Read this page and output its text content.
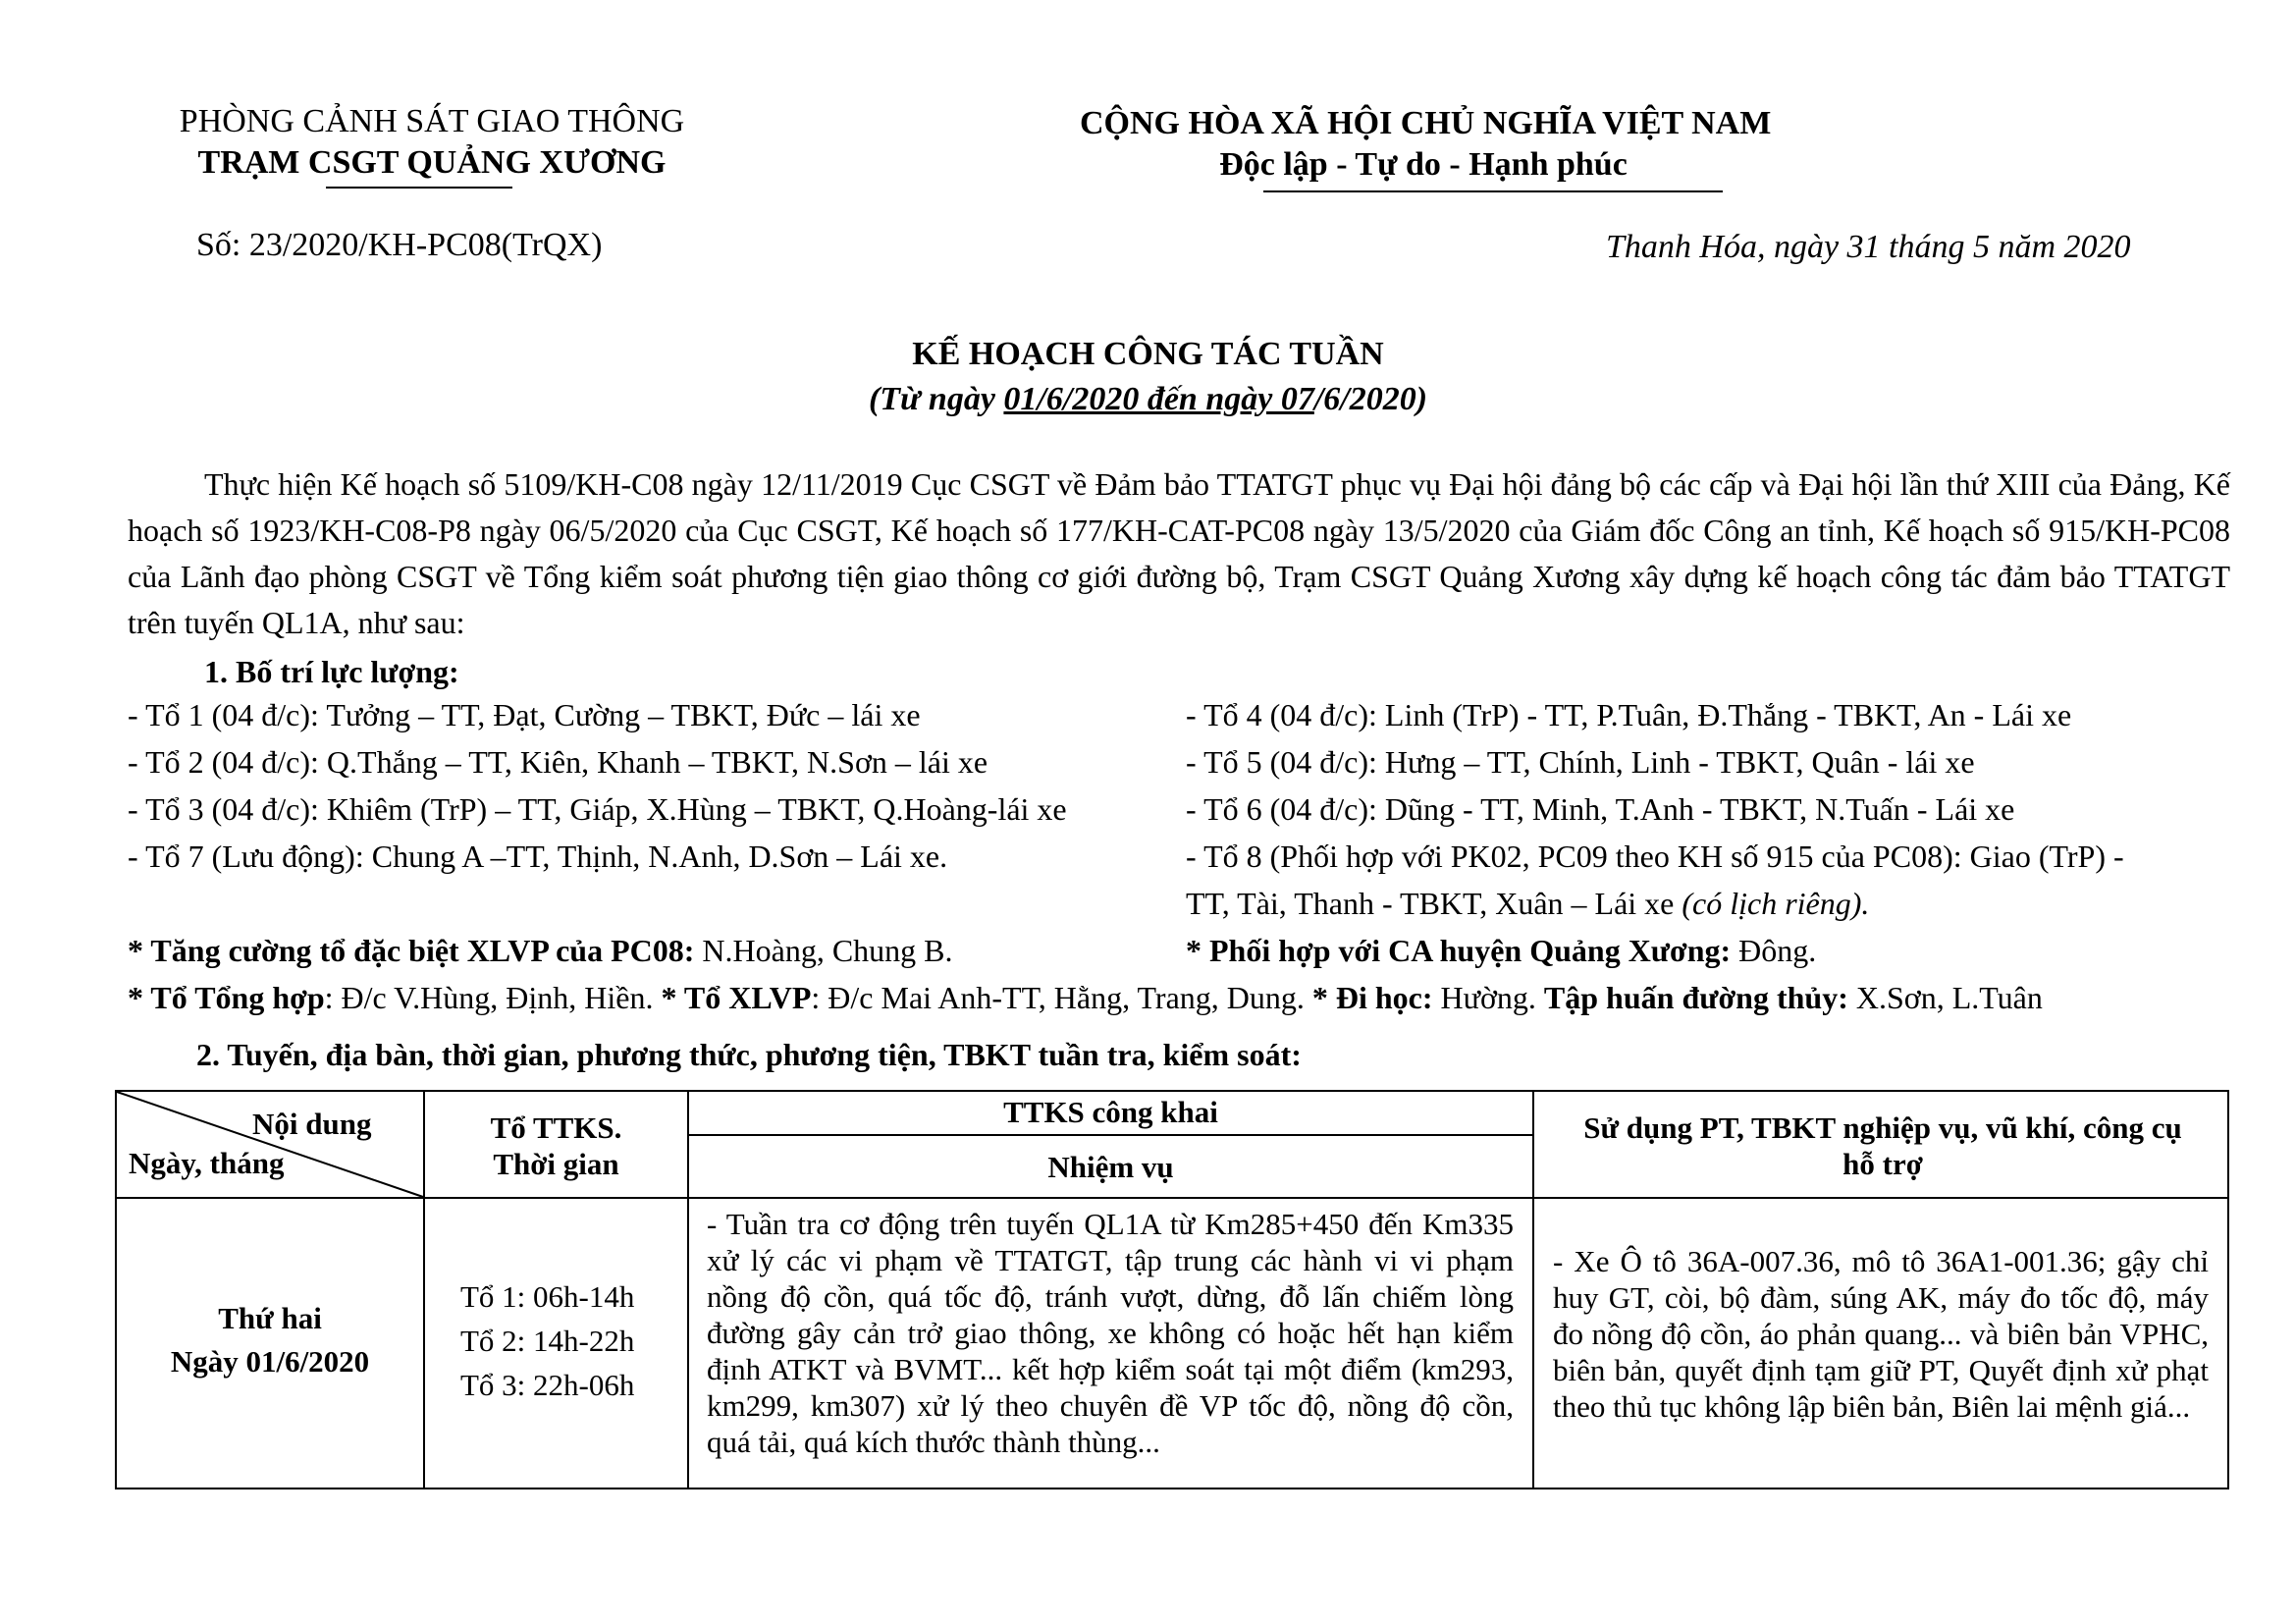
PHÒNG CẢNH SÁT GIAO THÔNG
TRẠM CSGT QUẢNG XƯƠNG
Số: 23/2020/KH-PC08(TrQX)
CỘNG HÒA XÃ HỘI CHỦ NGHĨA VIỆT NAM
Độc lập - Tự do - Hạnh phúc
Thanh Hóa, ngày 31 tháng 5 năm 2020
KẾ HOẠCH CÔNG TÁC TUẦN
(Từ ngày 01/6/2020 đến ngày 07/6/2020)
Thực hiện Kế hoạch số 5109/KH-C08 ngày 12/11/2019 Cục CSGT về Đảm bảo TTATGT phục vụ Đại hội đảng bộ các cấp và Đại hội lần thứ XIII của Đảng, Kế hoạch số 1923/KH-C08-P8 ngày 06/5/2020 của Cục CSGT, Kế hoạch số 177/KH-CAT-PC08 ngày 13/5/2020 của Giám đốc Công an tỉnh, Kế hoạch số 915/KH-PC08 của Lãnh đạo phòng CSGT về Tổng kiểm soát phương tiện giao thông cơ giới đường bộ, Trạm CSGT Quảng Xương xây dựng kế hoạch công tác đảm bảo TTATGT trên tuyến QL1A, như sau:
1. Bố trí lực lượng:
- Tổ 1 (04 đ/c): Tưởng – TT, Đạt, Cường – TBKT, Đức – lái xe
- Tổ 2 (04 đ/c): Q.Thắng – TT, Kiên, Khanh – TBKT, N.Sơn – lái xe
- Tổ 3 (04 đ/c): Khiêm (TrP) – TT, Giáp, X.Hùng – TBKT, Q.Hoàng-lái xe
- Tổ 7 (Lưu động): Chung A –TT, Thịnh, N.Anh, D.Sơn – Lái xe.
- Tổ 4 (04 đ/c): Linh (TrP) - TT, P.Tuân, Đ.Thắng - TBKT, An - Lái xe
- Tổ 5 (04 đ/c): Hưng – TT, Chính, Linh - TBKT, Quân - lái xe
- Tổ 6 (04 đ/c): Dũng - TT, Minh, T.Anh - TBKT, N.Tuấn - Lái xe
- Tổ 8 (Phối hợp với PK02, PC09 theo KH số 915 của PC08): Giao (TrP) -
TT, Tài, Thanh - TBKT, Xuân – Lái xe (có lịch riêng).
* Tăng cường tổ đặc biệt XLVP của PC08: N.Hoàng, Chung B.	* Phối hợp với CA huyện Quảng Xương: Đông.
* Tổ Tổng hợp: Đ/c V.Hùng, Định, Hiền. * Tổ XLVP: Đ/c Mai Anh-TT, Hằng, Trang, Dung. * Đi học: Hường. Tập huấn đường thủy: X.Sơn, L.Tuân
2. Tuyến, địa bàn, thời gian, phương thức, phương tiện, TBKT tuần tra, kiểm soát:
Nội dung
Ngày, tháng
Tổ TTKS.
Thời gian
TTKS công khai
Nhiệm vụ
Sử dụng PT, TBKT nghiệp vụ, vũ khí, công cụ hỗ trợ
Thứ hai
Ngày 01/6/2020
Tổ 1: 06h-14h
Tổ 2: 14h-22h
Tổ 3: 22h-06h
- Tuần tra cơ động trên tuyến QL1A từ Km285+450 đến Km335 xử lý các vi phạm về TTATGT, tập trung các hành vi vi phạm nồng độ cồn, quá tốc độ, tránh vượt, dừng, đỗ lấn chiếm lòng đường gây cản trở giao thông, xe không có hoặc hết hạn kiểm định ATKT và BVMT... kết hợp kiểm soát tại một điểm (km293, km299, km307) xử lý theo chuyên đề VP tốc độ, nồng độ cồn, quá tải, quá kích thước thành thùng...
- Xe Ô tô 36A-007.36, mô tô 36A1-001.36; gậy chỉ huy GT, còi, bộ đàm, súng AK, máy đo tốc độ, máy đo nồng độ cồn, áo phản quang... và biên bản VPHC, biên bản, quyết định tạm giữ PT, Quyết định xử phạt theo thủ tục không lập biên bản, Biên lai mệnh giá...
